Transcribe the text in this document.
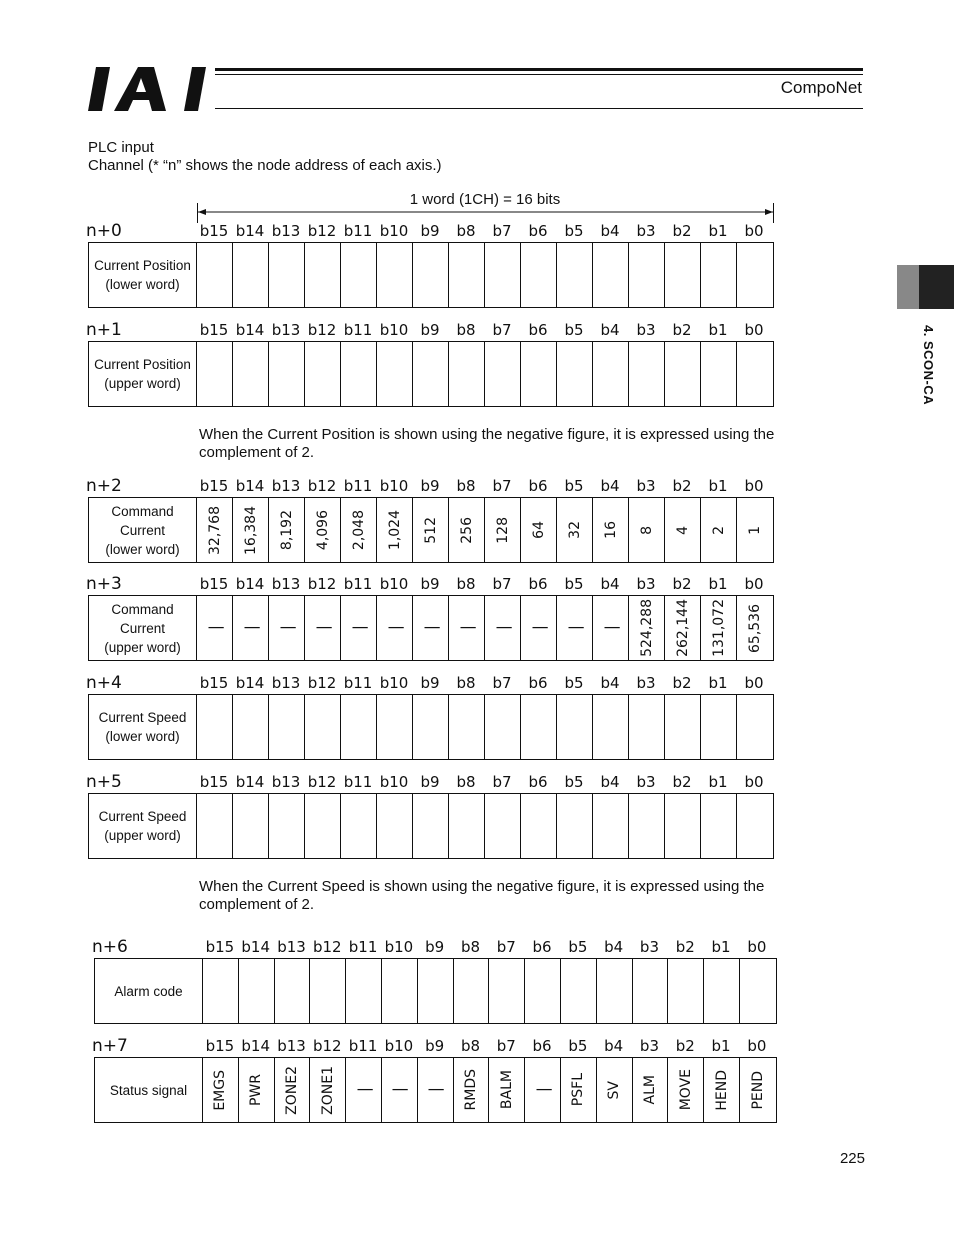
CompoNet
4. SCON-CA
PLC input
Channel (* “n” shows the node address of each axis.)
1 word (1CH) = 16 bits
n+0	b15 b14 b13 b12 b11 b10 b9	b8	b7	b6	b5	b4	b3	b2	b1	b0
Current Position
(lower word)
n+1	b15 b14 b13 b12 b11 b10 b9	b8	b7	b6	b5	b4	b3	b2	b1	b0
Current Position
(upper word)
n+2	b15 b14 b13 b12 b11 b10 b9	b8	b7	b6	b5	b4	b3	b2	b1	b0
Command
Current
(lower word)	32,768 16,384 8,192 4,096 2,048 1,024 512 256 128 64 32 16 8 4 2 1
n+3	b15 b14 b13 b12 b11 b10 b9	b8	b7	b6	b5	b4	b3	b2	b1	b0
Command
Current
(upper word)
| | | | | | | | | | | | 524,288 262,144 131,072 65,536
n+4	b15 b14 b13 b12 b11 b10 b9	b8	b7	b6	b5	b4	b3	b2	b1	b0
Current Speed
(lower word)
n+5	b15 b14 b13 b12 b11 b10 b9	b8	b7	b6	b5	b4	b3	b2	b1	b0
Current Speed
(upper word)
n+6	b15 b14 b13 b12 b11 b10 b9	b8	b7	b6	b5	b4	b3	b2	b1	b0
Alarm code
n+7	b15 b14 b13 b12 b11 b10 b9	b8	b7	b6	b5	b4	b3	b2	b1	b0
Status signal	EMGS PWR ZONE2 ZONE1 | | | RMDS BALM | PSFL SV ALM MOVE HEND PEND
When the Current Position is shown using the negative figure, it is expressed using the complement of 2.
When the Current Speed is shown using the negative figure, it is expressed using the complement of 2.
225
